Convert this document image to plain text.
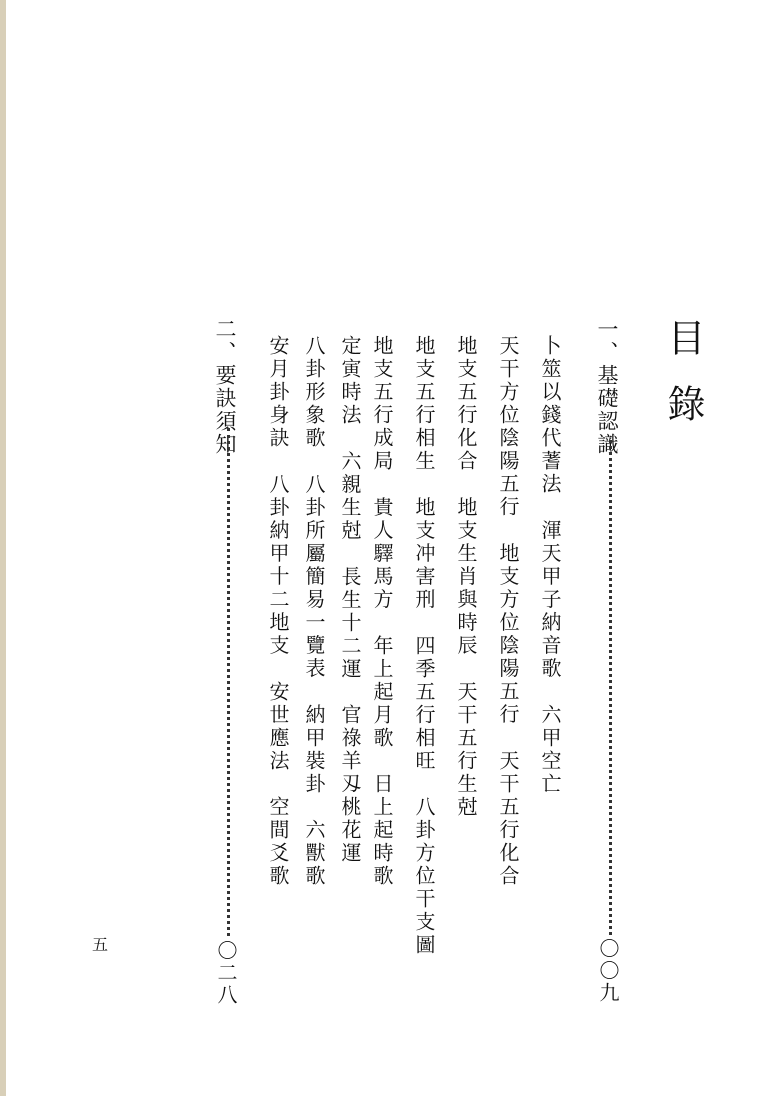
目錄
一、基礎認識
〇〇九
卜筮以錢代蓍法 渾天甲子納音歌 六甲空亡
天干方位陰陽五行 地支方位陰陽五行 天干五行化合
地支五行化合 地支生肖與時辰 天干五行生尅
地支五行相生 地支冲害刑 四季五行相旺 八卦方位干支圖
地支五行成局 貴人驛馬方 年上起月歌 日上起時歌
定寅時法 六親生尅 長生十二運 官祿羊刄桃花運
八卦形象歌 八卦所屬簡易一覽表 納甲裝卦 六獸歌
安月卦身訣 八卦納甲十二地支 安世應法 空間爻歌
二、要訣須知
〇二八
五
